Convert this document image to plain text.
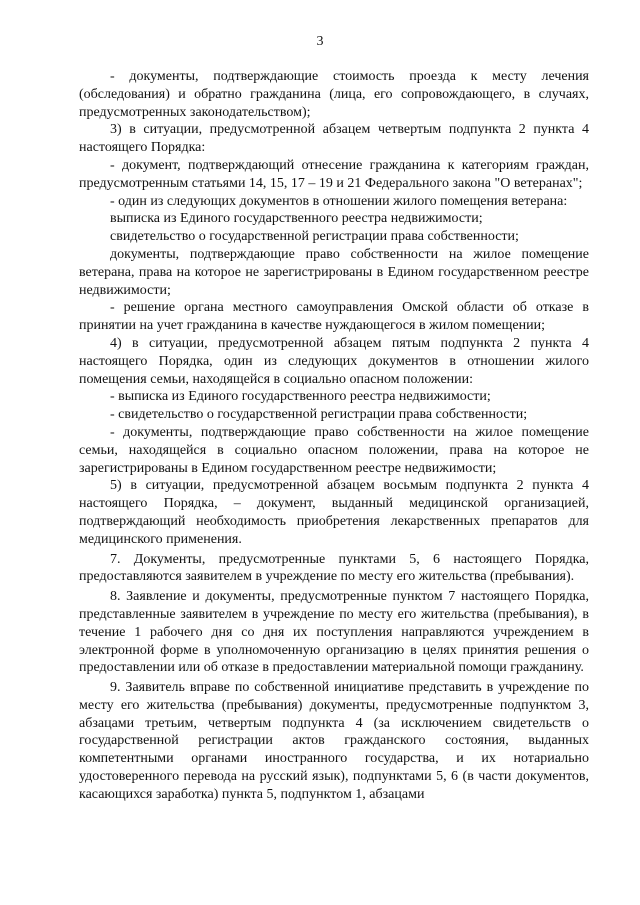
3

- документы, подтверждающие стоимость проезда к месту лечения (обследования) и обратно гражданина (лица, его сопровождающего, в случаях, предусмотренных законодательством);

3) в ситуации, предусмотренной абзацем четвертым подпункта 2 пункта 4 настоящего Порядка:

- документ, подтверждающий отнесение гражданина к категориям граждан, предусмотренным статьями 14, 15, 17 – 19 и 21 Федерального закона "О ветеранах";

- один из следующих документов в отношении жилого помещения ветерана:

выписка из Единого государственного реестра недвижимости;

свидетельство о государственной регистрации права собственности;

документы, подтверждающие право собственности на жилое помещение ветерана, права на которое не зарегистрированы в Едином государственном реестре недвижимости;

- решение органа местного самоуправления Омской области об отказе в принятии на учет гражданина в качестве нуждающегося в жилом помещении;

4) в ситуации, предусмотренной абзацем пятым подпункта 2 пункта 4 настоящего Порядка, один из следующих документов в отношении жилого помещения семьи, находящейся в социально опасном положении:

- выписка из Единого государственного реестра недвижимости;

- свидетельство о государственной регистрации права собственности;

- документы, подтверждающие право собственности на жилое помещение семьи, находящейся в социально опасном положении, права на которое не зарегистрированы в Едином государственном реестре недвижимости;

5) в ситуации, предусмотренной абзацем восьмым подпункта 2 пункта 4 настоящего Порядка, – документ, выданный медицинской организацией, подтверждающий необходимость приобретения лекарственных препаратов для медицинского применения.

7. Документы, предусмотренные пунктами 5, 6 настоящего Порядка, предоставляются заявителем в учреждение по месту его жительства (пребывания).

8. Заявление и документы, предусмотренные пунктом 7 настоящего Порядка, представленные заявителем в учреждение по месту его жительства (пребывания), в течение 1 рабочего дня со дня их поступления направляются учреждением в электронной форме в уполномоченную организацию в целях принятия решения о предоставлении или об отказе в предоставлении материальной помощи гражданину.

9. Заявитель вправе по собственной инициативе представить в учреждение по месту его жительства (пребывания) документы, предусмотренные подпунктом 3, абзацами третьим, четвертым подпункта 4 (за исключением свидетельств о государственной регистрации актов гражданского состояния, выданных компетентными органами иностранного государства, и их нотариально удостоверенного перевода на русский язык), подпунктами 5, 6 (в части документов, касающихся заработка) пункта 5, подпунктом 1, абзацами
